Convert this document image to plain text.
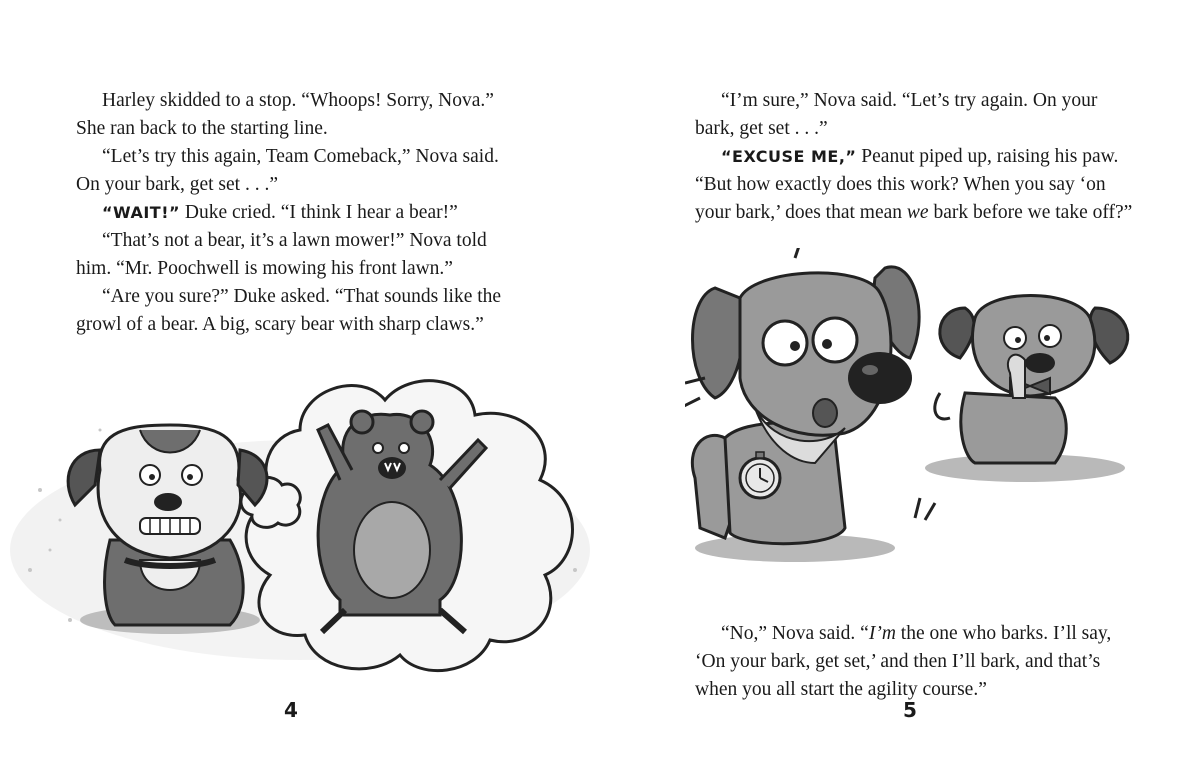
Harley skidded to a stop. “Whoops! Sorry, Nova.”
She ran back to the starting line.
“Let’s try this again, Team Comeback,” Nova said.
On your bark, get set . . .”
“WAIT!” Duke cried. “I think I hear a bear!”
“That’s not a bear, it’s a lawn mower!” Nova told
him. “Mr. Poochwell is mowing his front lawn.”
“Are you sure?” Duke asked. “That sounds like the
growl of a bear. A big, scary bear with sharp claws.”
4
“I’m sure,” Nova said. “Let’s try again. On your
bark, get set . . .”
“EXCUSE ME,” Peanut piped up, raising his paw.
“But how exactly does this work? When you say ‘on
your bark,’ does that mean we bark before we take off?”
“No,” Nova said. “I’m the one who barks. I’ll say,
‘On your bark, get set,’ and then I’ll bark, and that’s
when you all start the agility course.”
5
